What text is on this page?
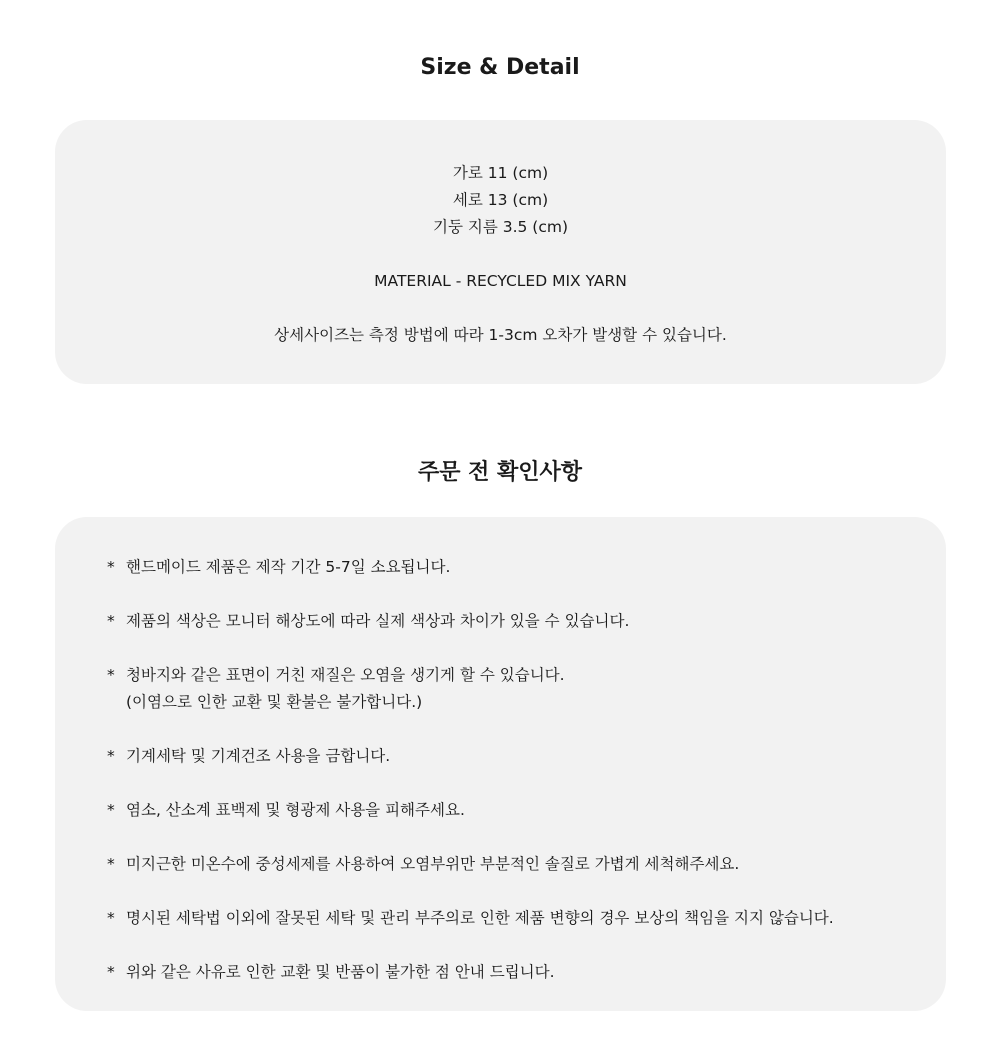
Size & Detail
가로 11 (cm)
세로 13 (cm)
기둥 지름 3.5 (cm)
MATERIAL - RECYCLED MIX YARN
상세사이즈는 측정 방법에 따라 1-3cm 오차가 발생할 수 있습니다.
주문 전 확인사항
* 핸드메이드 제품은 제작 기간 5-7일 소요됩니다.
* 제품의 색상은 모니터 해상도에 따라 실제 색상과 차이가 있을 수 있습니다.
* 청바지와 같은 표면이 거친 재질은 오염을 생기게 할 수 있습니다.
(이염으로 인한 교환 및 환불은 불가합니다.)
* 기계세탁 및 기계건조 사용을 금합니다.
* 염소, 산소계 표백제 및 형광제 사용을 피해주세요.
* 미지근한 미온수에 중성세제를 사용하여 오염부위만 부분적인 솔질로 가볍게 세척해주세요.
* 명시된 세탁법 이외에 잘못된 세탁 및 관리 부주의로 인한 제품 변향의 경우 보상의 책임을 지지 않습니다.
* 위와 같은 사유로 인한 교환 및 반품이 불가한 점 안내 드립니다.
